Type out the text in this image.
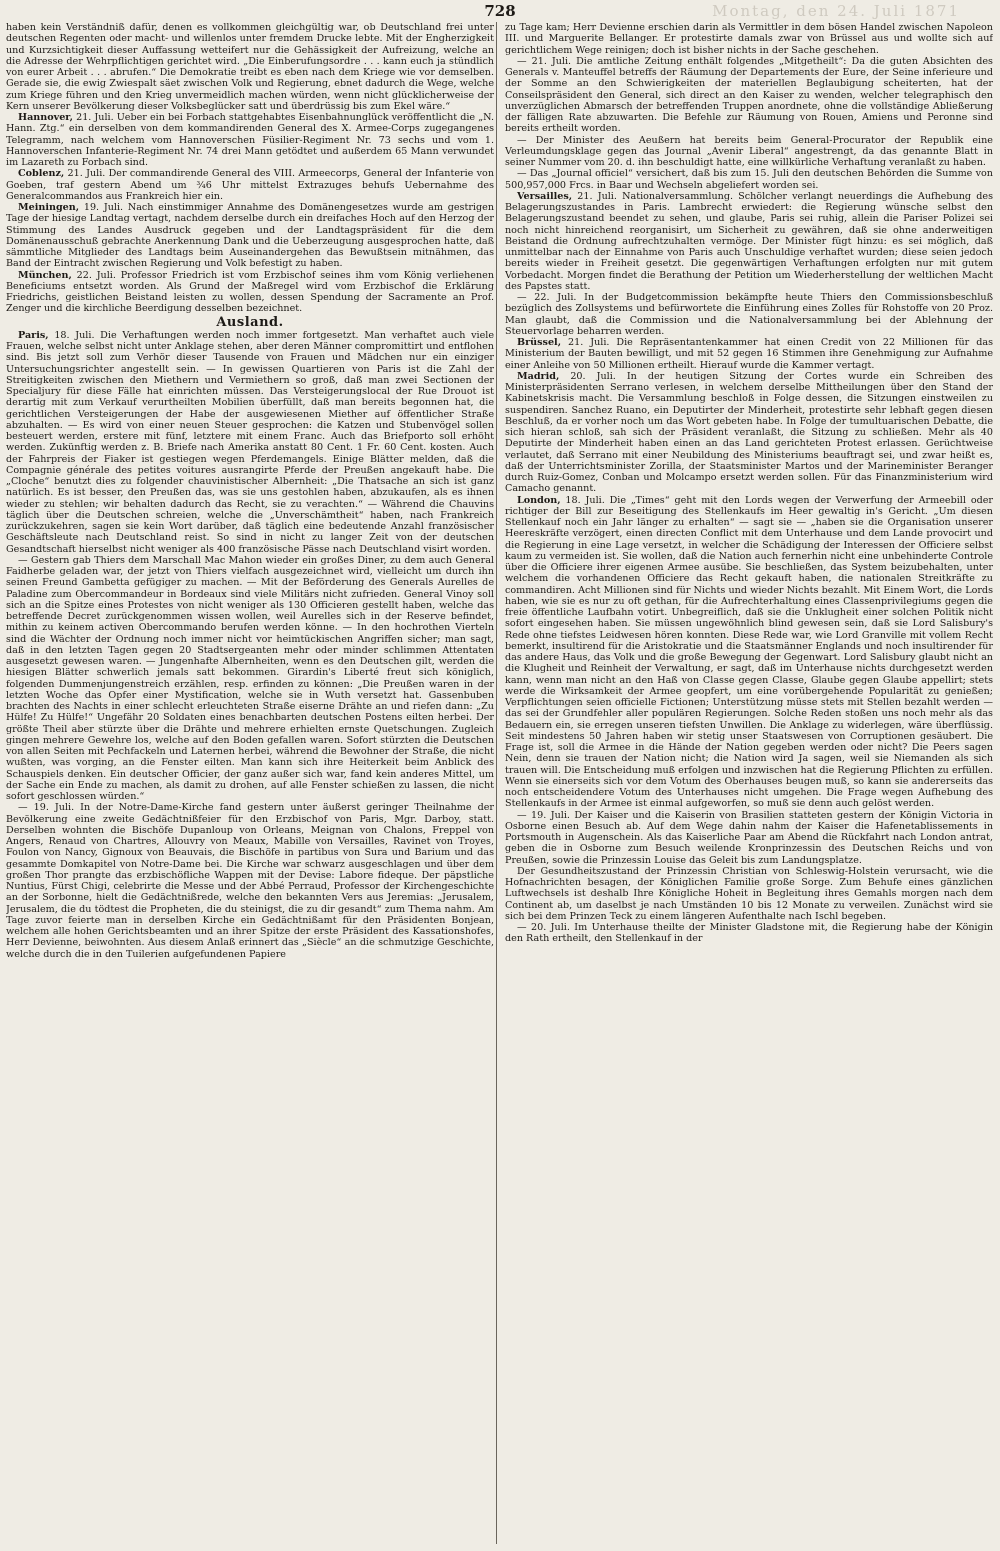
Montag, den 24. Juli 1871
728

haben kein Verständniß dafür, denen es vollkommen gleichgültig war, ob Deutschland frei unter deutschen Regenten oder macht- und willenlos unter fremdem Drucke lebte. Mit der Engherzigkeit und Kurzsichtigkeit dieser Auffassung wetteifert nur die Gehässigkeit der Aufreizung, welche an die Adresse der Wehrpflichtigen gerichtet wird. „Die Einberufungsordre . . . kann euch ja stündlich von eurer Arbeit . . . abrufen.“ Die Demokratie treibt es eben nach dem Kriege wie vor demselben. Gerade sie, die ewig Zwiespalt säet zwischen Volk und Regierung, ebnet dadurch die Wege, welche zum Kriege führen und den Krieg unvermeidlich machen würden, wenn nicht glücklicherweise der Kern unserer Bevölkerung dieser Volksbeglücker satt und überdrüssig bis zum Ekel wäre.“

Hannover, 21. Juli. Ueber ein bei Forbach stattgehabtes Eisenbahnunglück veröffentlicht die „N. Hann. Ztg.“ ein derselben von dem kommandirenden General des X. Armee-Corps zugegangenes Telegramm, nach welchem vom Hannoverschen Füsilier-Regiment Nr. 73 sechs und vom 1. Hannoverschen Infanterie-Regiment Nr. 74 drei Mann getödtet und außerdem 65 Mann verwundet im Lazareth zu Forbach sind.

Coblenz, 21. Juli. Der commandirende General des VIII. Armeecorps, General der Infanterie von Goeben, traf gestern Abend um ¾6 Uhr mittelst Extrazuges behufs Uebernahme des Generalcommandos aus Frankreich hier ein.

Meiningen, 19. Juli. Nach einstimmiger Annahme des Domänengesetzes wurde am gestrigen Tage der hiesige Landtag vertagt, nachdem derselbe durch ein dreifaches Hoch auf den Herzog der Stimmung des Landes Ausdruck gegeben und der Landtagspräsident für die dem Domänenausschuß gebrachte Anerkennung Dank und die Ueberzeugung ausgesprochen hatte, daß sämmtliche Mitglieder des Landtags beim Auseinandergehen das Bewußtsein mitnähmen, das Band der Eintracht zwischen Regierung und Volk befestigt zu haben.

München, 22. Juli. Professor Friedrich ist vom Erzbischof seines ihm vom König verliehenen Beneficiums entsetzt worden. Als Grund der Maßregel wird vom Erzbischof die Erklärung Friedrichs, geistlichen Beistand leisten zu wollen, dessen Spendung der Sacramente an Prof. Zenger und die kirchliche Beerdigung desselben bezeichnet.

Ausland.

Paris, 18. Juli. Die Verhaftungen werden noch immer fortgesetzt. Man verhaftet auch viele Frauen, welche selbst nicht unter Anklage stehen, aber deren Männer compromittirt und entflohen sind. Bis jetzt soll zum Verhör dieser Tausende von Frauen und Mädchen nur ein einziger Untersuchungsrichter angestellt sein. — In gewissen Quartieren von Paris ist die Zahl der Streitigkeiten zwischen den Miethern und Vermiethern so groß, daß man zwei Sectionen der Specialjury für diese Fälle hat einrichten müssen. Das Versteigerungslocal der Rue Drouot ist derartig mit zum Verkauf verurtheilten Mobilien überfüllt, daß man bereits begonnen hat, die gerichtlichen Versteigerungen der Habe der ausgewiesenen Miether auf öffentlicher Straße abzuhalten. — Es wird von einer neuen Steuer gesprochen: die Katzen und Stubenvögel sollen besteuert werden, erstere mit fünf, letztere mit einem Franc. Auch das Briefporto soll erhöht werden. Zukünftig werden z. B. Briefe nach Amerika anstatt 80 Cent. 1 Fr. 60 Cent. kosten. Auch der Fahrpreis der Fiaker ist gestiegen wegen Pferdemangels. Einige Blätter melden, daß die Compagnie générale des petites voitures ausrangirte Pferde der Preußen angekauft habe. Die „Cloche“ benutzt dies zu folgender chauvinistischer Albernheit: „Die Thatsache an sich ist ganz natürlich. Es ist besser, den Preußen das, was sie uns gestohlen haben, abzukaufen, als es ihnen wieder zu stehlen; wir behalten dadurch das Recht, sie zu verachten.“ — Während die Chauvins täglich über die Deutschen schreien, welche die „Unverschämtheit“ haben, nach Frankreich zurückzukehren, sagen sie kein Wort darüber, daß täglich eine bedeutende Anzahl französischer Geschäftsleute nach Deutschland reist. So sind in nicht zu langer Zeit von der deutschen Gesandtschaft hierselbst nicht weniger als 400 französische Pässe nach Deutschland visirt worden.

— Gestern gab Thiers dem Marschall Mac Mahon wieder ein großes Diner, zu dem auch General Faidherbe geladen war, der jetzt von Thiers vielfach ausgezeichnet wird, vielleicht um durch ihn seinen Freund Gambetta gefügiger zu machen. — Mit der Beförderung des Generals Aurelles de Paladine zum Obercommandeur in Bordeaux sind viele Militärs nicht zufrieden. General Vinoy soll sich an die Spitze eines Protestes von nicht weniger als 130 Officieren gestellt haben, welche das betreffende Decret zurückgenommen wissen wollen, weil Aurelles sich in der Reserve befindet, mithin zu keinem activen Obercommando berufen werden könne. — In den hochrothen Vierteln sind die Wächter der Ordnung noch immer nicht vor heimtückischen Angriffen sicher; man sagt, daß in den letzten Tagen gegen 20 Stadtsergeanten mehr oder minder schlimmen Attentaten ausgesetzt gewesen waren. — Jungenhafte Albernheiten, wenn es den Deutschen gilt, werden die hiesigen Blätter schwerlich jemals satt bekommen. Girardin's Liberté freut sich königlich, folgenden Dummenjungenstreich erzählen, resp. erfinden zu können: „Die Preußen waren in der letzten Woche das Opfer einer Mystification, welche sie in Wuth versetzt hat. Gassenbuben brachten des Nachts in einer schlecht erleuchteten Straße eiserne Drähte an und riefen dann: „Zu Hülfe! Zu Hülfe!“ Ungefähr 20 Soldaten eines benachbarten deutschen Postens eilten herbei. Der größte Theil aber stürzte über die Drähte und mehrere erhielten ernste Quetschungen. Zugleich gingen mehrere Gewehre los, welche auf den Boden gefallen waren. Sofort stürzten die Deutschen von allen Seiten mit Pechfackeln und Laternen herbei, während die Bewohner der Straße, die nicht wußten, was vorging, an die Fenster eilten. Man kann sich ihre Heiterkeit beim Anblick des Schauspiels denken. Ein deutscher Officier, der ganz außer sich war, fand kein anderes Mittel, um der Sache ein Ende zu machen, als damit zu drohen, auf alle Fenster schießen zu lassen, die nicht sofort geschlossen würden.“

— 19. Juli. In der Notre-Dame-Kirche fand gestern unter äußerst geringer Theilnahme der Bevölkerung eine zweite Gedächtnißfeier für den Erzbischof von Paris, Mgr. Darboy, statt. Derselben wohnten die Bischöfe Dupanloup von Orleans, Meignan von Chalons, Freppel von Angers, Renaud von Chartres, Allouvry von Meaux, Mabille von Versailles, Ravinet von Troyes, Foulon von Nancy, Gignoux von Beauvais, die Bischöfe in partibus von Sura und Barium und das gesammte Domkapitel von Notre-Dame bei. Die Kirche war schwarz ausgeschlagen und über dem großen Thor prangte das erzbischöfliche Wappen mit der Devise: Labore fideque. Der päpstliche Nuntius, Fürst Chigi, celebrirte die Messe und der Abbé Perraud, Professor der Kirchengeschichte an der Sorbonne, hielt die Gedächtnißrede, welche den bekannten Vers aus Jeremias: „Jerusalem, Jerusalem, die du tödtest die Propheten, die du steinigst, die zu dir gesandt“ zum Thema nahm. Am Tage zuvor feierte man in derselben Kirche ein Gedächtnißamt für den Präsidenten Bonjean, welchem alle hohen Gerichtsbeamten und an ihrer Spitze der erste Präsident des Kassationshofes, Herr Devienne, beiwohnten. Aus diesem Anlaß erinnert das „Siècle“ an die schmutzige Geschichte, welche durch die in den Tuilerien aufgefundenen Papiere

zu Tage kam; Herr Devienne erschien darin als Vermittler in dem bösen Handel zwischen Napoleon III. und Marguerite Bellanger. Er protestirte damals zwar von Brüssel aus und wollte sich auf gerichtlichem Wege reinigen; doch ist bisher nichts in der Sache geschehen.

— 21. Juli. Die amtliche Zeitung enthält folgendes „Mitgetheilt“: Da die guten Absichten des Generals v. Manteuffel betreffs der Räumung der Departements der Eure, der Seine inferieure und der Somme an den Schwierigkeiten der materiellen Beglaubigung scheiterten, hat der Conseilspräsident den General, sich direct an den Kaiser zu wenden, welcher telegraphisch den unverzüglichen Abmarsch der betreffenden Truppen anordnete, ohne die vollständige Abließerung der fälligen Rate abzuwarten. Die Befehle zur Räumung von Rouen, Amiens und Peronne sind bereits ertheilt worden.

— Der Minister des Aeußern hat bereits beim General-Procurator der Republik eine Verleumdungsklage gegen das Journal „Avenir Liberal“ angestrengt, da das genannte Blatt in seiner Nummer vom 20. d. ihn beschuldigt hatte, eine willkürliche Verhaftung veranlaßt zu haben.

— Das „Journal officiel“ versichert, daß bis zum 15. Juli den deutschen Behörden die Summe von 500,957,000 Frcs. in Baar und Wechseln abgeliefert worden sei.

Versailles, 21. Juli. Nationalversammlung. Schölcher verlangt neuerdings die Aufhebung des Belagerungszustandes in Paris. Lambrecht erwiedert: die Regierung wünsche selbst den Belagerungszustand beendet zu sehen, und glaube, Paris sei ruhig, allein die Pariser Polizei sei noch nicht hinreichend reorganisirt, um Sicherheit zu gewähren, daß sie ohne anderweitigen Beistand die Ordnung aufrechtzuhalten vermöge. Der Minister fügt hinzu: es sei möglich, daß unmittelbar nach der Einnahme von Paris auch Unschuldige verhaftet wurden; diese seien jedoch bereits wieder in Freiheit gesetzt. Die gegenwärtigen Verhaftungen erfolgten nur mit gutem Vorbedacht. Morgen findet die Berathung der Petition um Wiederherstellung der weltlichen Macht des Papstes statt.

— 22. Juli. In der Budgetcommission bekämpfte heute Thiers den Commissionsbeschluß bezüglich des Zollsystems und befürwortete die Einführung eines Zolles für Rohstoffe von 20 Proz. Man glaubt, daß die Commission und die Nationalversammlung bei der Ablehnung der Steuervorlage beharren werden.

Brüssel, 21. Juli. Die Repräsentantenkammer hat einen Credit von 22 Millionen für das Ministerium der Bauten bewilligt, und mit 52 gegen 16 Stimmen ihre Genehmigung zur Aufnahme einer Anleihe von 50 Millionen ertheilt. Hierauf wurde die Kammer vertagt.

Madrid, 20. Juli. In der heutigen Sitzung der Cortes wurde ein Schreiben des Ministerpräsidenten Serrano verlesen, in welchem derselbe Mittheilungen über den Stand der Kabinetskrisis macht. Die Versammlung beschloß in Folge dessen, die Sitzungen einstweilen zu suspendiren. Sanchez Ruano, ein Deputirter der Minderheit, protestirte sehr lebhaft gegen diesen Beschluß, da er vorher noch um das Wort gebeten habe. In Folge der tumultuarischen Debatte, die sich hieran schloß, sah sich der Präsident veranlaßt, die Sitzung zu schließen. Mehr als 40 Deputirte der Minderheit haben einen an das Land gerichteten Protest erlassen. Gerüchtweise verlautet, daß Serrano mit einer Neubildung des Ministeriums beauftragt sei, und zwar heißt es, daß der Unterrichtsminister Zorilla, der Staatsminister Martos und der Marineminister Beranger durch Ruiz-Gomez, Conban und Molcampo ersetzt werden sollen. Für das Finanzministerium wird Camacho genannt.

London, 18. Juli. Die „Times“ geht mit den Lords wegen der Verwerfung der Armeebill oder richtiger der Bill zur Beseitigung des Stellenkaufs im Heer gewaltig in's Gericht. „Um diesen Stellenkauf noch ein Jahr länger zu erhalten“ — sagt sie — „haben sie die Organisation unserer Heereskräfte verzögert, einen directen Conflict mit dem Unterhause und dem Lande provocirt und die Regierung in eine Lage versetzt, in welcher die Schädigung der Interessen der Officiere selbst kaum zu vermeiden ist. Sie wollen, daß die Nation auch fernerhin nicht eine unbehinderte Controle über die Officiere ihrer eigenen Armee ausübe. Sie beschließen, das System beizubehalten, unter welchem die vorhandenen Officiere das Recht gekauft haben, die nationalen Streitkräfte zu commandiren. Acht Millionen sind für Nichts und wieder Nichts bezahlt. Mit Einem Wort, die Lords haben, wie sie es nur zu oft gethan, für die Aufrechterhaltung eines Classenprivilegiums gegen die freie öffentliche Laufbahn votirt. Unbegreiflich, daß sie die Unklugheit einer solchen Politik nicht sofort eingesehen haben. Sie müssen ungewöhnlich blind gewesen sein, daß sie Lord Salisbury's Rede ohne tiefstes Leidwesen hören konnten. Diese Rede war, wie Lord Granville mit vollem Recht bemerkt, insultirend für die Aristokratie und die Staatsmänner Englands und noch insultirender für das andere Haus, das Volk und die große Bewegung der Gegenwart. Lord Salisbury glaubt nicht an die Klugheit und Reinheit der Verwaltung, er sagt, daß im Unterhause nichts durchgesetzt werden kann, wenn man nicht an den Haß von Classe gegen Classe, Glaube gegen Glaube appellirt; stets werde die Wirksamkeit der Armee geopfert, um eine vorübergehende Popularität zu genießen; Verpflichtungen seien officielle Fictionen; Unterstützung müsse stets mit Stellen bezahlt werden — das sei der Grundfehler aller populären Regierungen. Solche Reden stoßen uns noch mehr als das Bedauern ein, sie erregen unseren tiefsten Unwillen. Die Anklage zu widerlegen, wäre überflüssig. Seit mindestens 50 Jahren haben wir stetig unser Staatswesen von Corruptionen gesäubert. Die Frage ist, soll die Armee in die Hände der Nation gegeben werden oder nicht? Die Peers sagen Nein, denn sie trauen der Nation nicht; die Nation wird Ja sagen, weil sie Niemanden als sich trauen will. Die Entscheidung muß erfolgen und inzwischen hat die Regierung Pflichten zu erfüllen. Wenn sie einerseits sich vor dem Votum des Oberhauses beugen muß, so kann sie andererseits das noch entscheidendere Votum des Unterhauses nicht umgehen. Die Frage wegen Aufhebung des Stellenkaufs in der Armee ist einmal aufgeworfen, so muß sie denn auch gelöst werden.

— 19. Juli. Der Kaiser und die Kaiserin von Brasilien statteten gestern der Königin Victoria in Osborne einen Besuch ab. Auf dem Wege dahin nahm der Kaiser die Hafenetablissements in Portsmouth in Augenschein. Als das Kaiserliche Paar am Abend die Rückfahrt nach London antrat, geben die in Osborne zum Besuch weilende Kronprinzessin des Deutschen Reichs und von Preußen, sowie die Prinzessin Louise das Geleit bis zum Landungsplatze.

Der Gesundheitszustand der Prinzessin Christian von Schleswig-Holstein verursacht, wie die Hofnachrichten besagen, der Königlichen Familie große Sorge. Zum Behufe eines gänzlichen Luftwechsels ist deshalb Ihre Königliche Hoheit in Begleitung ihres Gemahls morgen nach dem Continent ab, um daselbst je nach Umständen 10 bis 12 Monate zu verweilen. Zunächst wird sie sich bei dem Prinzen Teck zu einem längeren Aufenthalte nach Ischl begeben.

— 20. Juli. Im Unterhause theilte der Minister Gladstone mit, die Regierung habe der Königin den Rath ertheilt, den Stellenkauf in der
